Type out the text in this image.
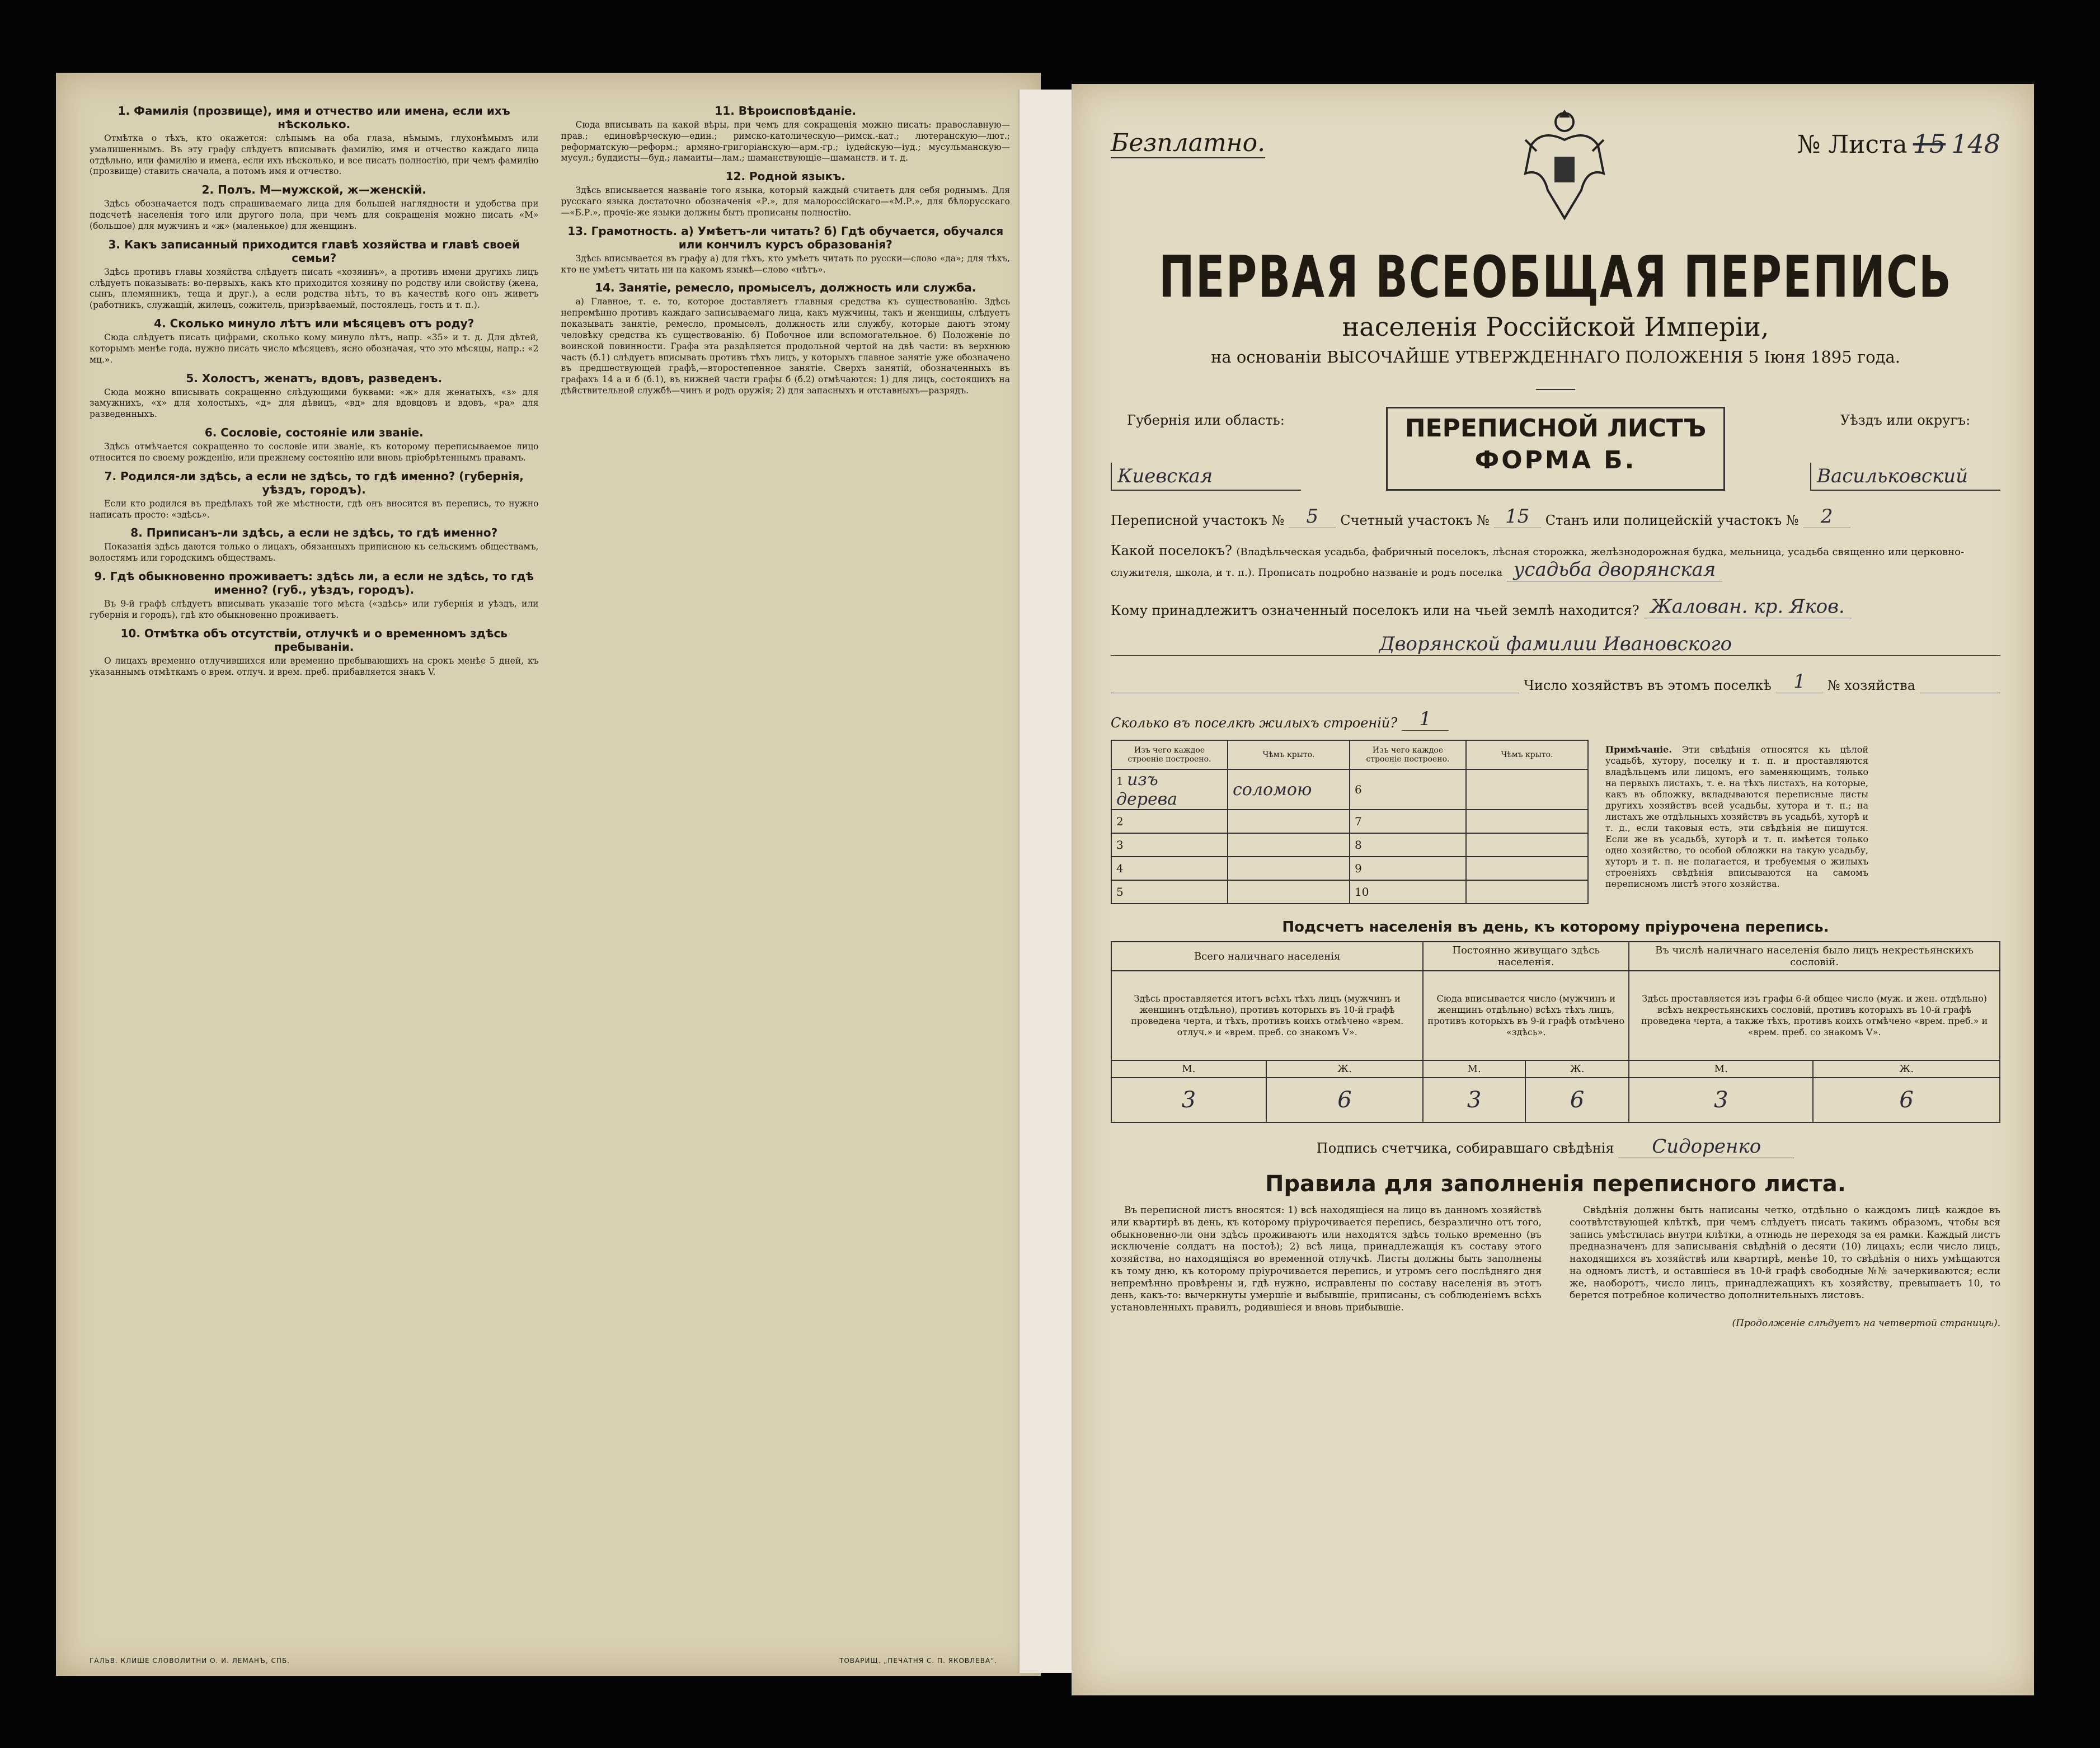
1. Фамилія (прозвище), имя и отчество или имена, если ихъ нѣсколько.

Отмѣтка о тѣхъ, кто окажется: слѣпымъ на оба глаза, нѣмымъ, глухонѣмымъ или умалишеннымъ. Въ эту графу слѣдуетъ вписывать фамилію, имя и отчество каждаго лица отдѣльно, или фамилію и имена, если ихъ нѣсколько, и все писать полностію, при чемъ фамилію (прозвище) ставить сначала, а потомъ имя и отчество.

2. Полъ. М—мужской, ж—женскій.

Здѣсь обозначается подъ спрашиваемаго лица для большей наглядности и удобства при подсчетѣ населенія того или другого пола, при чемъ для сокращенія можно писать «М» (большое) для мужчинъ и «ж» (маленькое) для женщинъ.

3. Какъ записанный приходится главѣ хозяйства и главѣ своей семьи?

Здѣсь противъ главы хозяйства слѣдуетъ писать «хозяинъ», а противъ имени другихъ лицъ слѣдуетъ показывать: во-первыхъ, какъ кто приходится хозяину по родству или свойству (жена, сынъ, племянникъ, теща и друг.), а если родства нѣтъ, то въ качествѣ кого онъ живетъ (работникъ, служащій, жилецъ, сожитель, призрѣваемый, постоялецъ, гость и т. п.).

4. Сколько минуло лѣтъ или мѣсяцевъ отъ роду?

Сюда слѣдуетъ писать цифрами, сколько кому минуло лѣтъ, напр. «35» и т. д. Для дѣтей, которымъ менѣе года, нужно писать число мѣсяцевъ, ясно обозначая, что это мѣсяцы, напр.: «2 мц.».

5. Холостъ, женатъ, вдовъ, разведенъ.

Сюда можно вписывать сокращенно слѣдующими буквами: «ж» для женатыхъ, «з» для замужнихъ, «х» для холостыхъ, «д» для дѣвицъ, «вд» для вдовцовъ и вдовъ, «ра» для разведенныхъ.

6. Сословіе, состояніе или званіе.

Здѣсь отмѣчается сокращенно то сословіе или званіе, къ которому переписываемое лицо относится по своему рожденію, или прежнему состоянію или вновь пріобрѣтеннымъ правамъ.

7. Родился-ли здѣсь, а если не здѣсь, то гдѣ именно? (губернія, уѣздъ, городъ).

Если кто родился въ предѣлахъ той же мѣстности, гдѣ онъ вносится въ перепись, то нужно написать просто: «здѣсь».

8. Приписанъ-ли здѣсь, а если не здѣсь, то гдѣ именно?

Показанія здѣсь даются только о лицахъ, обязанныхъ приписною къ сельскимъ обществамъ, волостямъ или городскимъ обществамъ.

9. Гдѣ обыкновенно проживаетъ: здѣсь ли, а если не здѣсь, то гдѣ именно? (губ., уѣздъ, городъ).

Въ 9-й графѣ слѣдуетъ вписывать указаніе того мѣста («здѣсь» или губернія и уѣздъ, или губернія и городъ), гдѣ кто обыкновенно проживаетъ.

10. Отмѣтка объ отсутствіи, отлучкѣ и о временномъ здѣсь пребываніи.

О лицахъ временно отлучившихся или временно пребывающихъ на срокъ менѣе 5 дней, къ указаннымъ отмѣткамъ о врем. отлуч. и врем. преб. прибавляется знакъ V.

11. Вѣроисповѣданіе.

Сюда вписывать на какой вѣры, при чемъ для сокращенія можно писать: православную—прав.; единовѣрческую—един.; римско-католическую—римск.-кат.; лютеранскую—лют.; реформатскую—реформ.; армяно-григоріанскую—арм.-гр.; іудейскую—іуд.; мусульманскую—мусул.; буддисты—буд.; ламаиты—лам.; шаманствующіе—шаманств. и т. д.

12. Родной языкъ.

Здѣсь вписывается названіе того языка, который каждый считаетъ для себя роднымъ. Для русскаго языка достаточно обозначенія «Р.», для малороссійскаго—«М.Р.», для бѣлорусскаго—«Б.Р.», прочіе-же языки должны быть прописаны полностію.

13. Грамотность. а) Умѣетъ-ли читать? б) Гдѣ обучается, обучался или кончилъ курсъ образованія?

Здѣсь вписывается въ графу а) для тѣхъ, кто умѣетъ читать по русски—слово «да»; для тѣхъ, кто не умѣетъ читать ни на какомъ языкѣ—слово «нѣтъ».

14. Занятіе, ремесло, промыселъ, должность или служба.

а) Главное, т. е. то, которое доставляетъ главныя средства къ существованію. Здѣсь непремѣнно противъ каждаго записываемаго лица, какъ мужчины, такъ и женщины, слѣдуетъ показывать занятіе, ремесло, промыселъ, должность или службу, которые даютъ этому человѣку средства къ существованію. б) Побочное или вспомогательное. б) Положеніе по воинской повинности. Графа эта раздѣляется продольной чертой на двѣ части: въ верхнюю часть (б.1) слѣдуетъ вписывать противъ тѣхъ лицъ, у которыхъ главное занятіе уже обозначено въ предшествующей графѣ,—второстепенное занятіе. Сверхъ занятій, обозначенныхъ въ графахъ 14 а и б (б.1), въ нижней части графы б (б.2) отмѣчаются: 1) для лицъ, состоящихъ на дѣйствительной службѣ—чинъ и родъ оружія; 2) для запасныхъ и отставныхъ—разрядъ.

ГАЛЬВ. КЛИШЕ СЛОВОЛИТНИ О. И. ЛЕМАНЪ, СПБ.	ТОВАРИЩ. „ПЕЧАТНЯ С. П. ЯКОВЛЕВА“.
Безплатно.	№ Листа 15 148
ПЕРВАЯ ВСЕОБЩАЯ ПЕРЕПИСЬ
населенія Россійской Имперіи,
на основаніи ВЫСОЧАЙШЕ УТВЕРЖДЕННАГО ПОЛОЖЕНІЯ 5 Іюня 1895 года.
Губернія или область:
Киевская
ПЕРЕПИСНОЙ ЛИСТЪ
ФОРМА Б.
Уѣздъ или округъ:
Васильковский
Переписной участокъ №	5	Счетный участокъ № 15	Станъ или полицейскій участокъ №	2
Какой поселокъ? (Владѣльческая усадьба, фабричный поселокъ, лѣсная сторожка, желѣзнодорожная будка, мельница, усадьба священно или церковно-служителя, школа, и т. п.). Прописать подробно названіе и родъ поселка усадьба дворянская
Кому принадлежитъ означенный поселокъ или на чьей землѣ находится? Жалован. кр. Яков.
Дворянской фамилии Ивановского
Число хозяйствъ въ этомъ поселкѣ	1	№ хозяйства
Сколько въ поселкѣ жилыхъ строеній?	1
Изъ чего каждое строеніе построено.	Чѣмъ крыто.	Изъ чего каждое строеніе построено.	Чѣмъ крыто.
1 изъ дерева	соломою	6	
2		7	
3		8	
4		9	
5		10	
Примѣчаніе. Эти свѣдѣнія относятся къ цѣлой усадьбѣ, хутору, поселку и т. п. и проставляются владѣльцемъ или лицомъ, его заменяющимъ, только на первыхъ листахъ, т. е. на тѣхъ листахъ, на которые, какъ въ обложку, вкладываются переписные листы другихъ хозяйствъ всей усадьбы, хутора и т. п.; на листахъ же отдѣльныхъ хозяйствъ въ усадьбѣ, хуторѣ и т. д., если таковыя есть, эти свѣдѣнія не пишутся. Если же въ усадьбѣ, хуторѣ и т. п. имѣется только одно хозяйство, то особой обложки на такую усадьбу, хуторъ и т. п. не полагается, и требуемыя о жилыхъ строеніяхъ свѣдѣнія вписываются на самомъ переписномъ листѣ этого хозяйства.
Подсчетъ населенія въ день, къ которому пріурочена перепись.
Всего наличнаго населенія		Постоянно живущаго здѣсь населенія.		Въ числѣ наличнаго населенія было лицъ некрестьянскихъ сословій.	
Здѣсь проставляется итогъ всѣхъ тѣхъ лицъ (мужчинъ и женщинъ отдѣльно), противъ которыхъ въ 10-й графѣ проведена черта, и тѣхъ, противъ коихъ отмѣчено «врем. отлуч.» и «врем. преб. со знакомъ V».		Сюда вписывается число (мужчинъ и женщинъ отдѣльно) всѣхъ тѣхъ лицъ, противъ которыхъ въ 9-й графѣ отмѣчено «здѣсь».		Здѣсь проставляется изъ графы 6-й общее число (муж. и жен. отдѣльно) всѣхъ некрестьянскихъ сословій, противъ которыхъ въ 10-й графѣ проведена черта, а также тѣхъ, противъ коихъ отмѣчено «врем. преб.» и «врем. преб. со знакомъ V».	
М.	Ж.	М.	Ж.	М.	Ж.
3	6	3	6	3	6
Подпись счетчика, собиравшаго свѣдѣнія Сидоренко
Правила для заполненія переписного листа.

Въ переписной листъ вносятся: 1) всѣ находящіеся на лицо въ данномъ хозяйствѣ или квартирѣ въ день, къ которому пріурочивается перепись, безразлично отъ того, обыкновенно-ли они здѣсь проживаютъ или находятся здѣсь только временно (въ исключеніе солдатъ на постоѣ); 2) всѣ лица, принадлежащія къ составу этого хозяйства, но находящіяся во временной отлучкѣ. Листы должны быть заполнены къ тому дню, къ которому пріурочивается перепись, и утромъ сего послѣдняго дня непремѣнно провѣрены и, гдѣ нужно, исправлены по составу населенія въ этотъ день, какъ-то: вычеркнуты умершіе и выбывшіе, приписаны, съ соблюденіемъ всѣхъ установленныхъ правилъ, родившіеся и вновь прибывшіе.

Свѣдѣнія должны быть написаны четко, отдѣльно о каждомъ лицѣ каждое въ соотвѣтствующей клѣткѣ, при чемъ слѣдуетъ писать такимъ образомъ, чтобы вся запись умѣстилась внутри клѣтки, а отнюдь не переходя за ея рамки. Каждый листъ предназначенъ для записыванія свѣдѣній о десяти (10) лицахъ; если число лицъ, находящихся въ хозяйствѣ или квартирѣ, менѣе 10, то свѣдѣнія о нихъ умѣщаются на одномъ листѣ, и оставшіеся въ 10-й графѣ свободные №№ зачеркиваются; если же, наоборотъ, число лицъ, принадлежащихъ къ хозяйству, превышаетъ 10, то берется потребное количество дополнительныхъ листовъ.

(Продолженіе слѣдуетъ на четвертой страницѣ).
